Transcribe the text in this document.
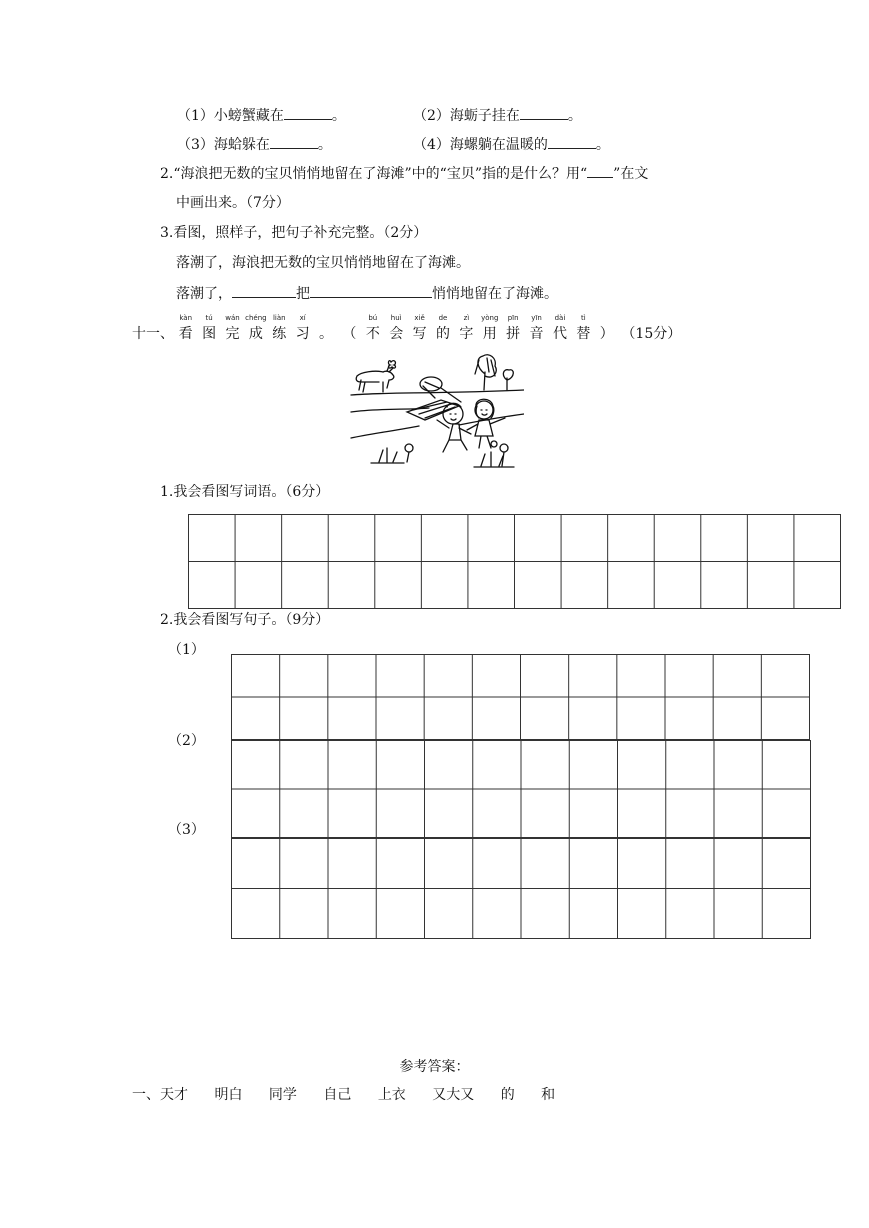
（1）小螃蟹藏在	。	（2）海蛎子挂在	。
（3）海蛤躲在	。	（4）海螺躺在温暖的	。
2.“海浪把无数的宝贝悄悄地留在了海滩”中的“宝贝”指的是什么？用“ ”在文
中画出来。（7分）
3.看图，照样子，把句子补充完整。（2分）
落潮了，海浪把无数的宝贝悄悄地留在了海滩。
落潮了，	把	悄悄地留在了海滩。
十一、 看
kàn
图
tú
完
wán
成
chéng
练
liàn
习
xí
。 （ 不
bú
会
huì
写
xiě
的
de
字
zì
用
yòng
拼
pīn
音
yīn
代
dài
替
tì
） （15分）
1.我会看图写词语。（6分）
2.我会看图写句子。（9分）
（1）
（2）
（3）
参考答案：
一、天才 明白 同学 自己 上衣 又大又 的 和
